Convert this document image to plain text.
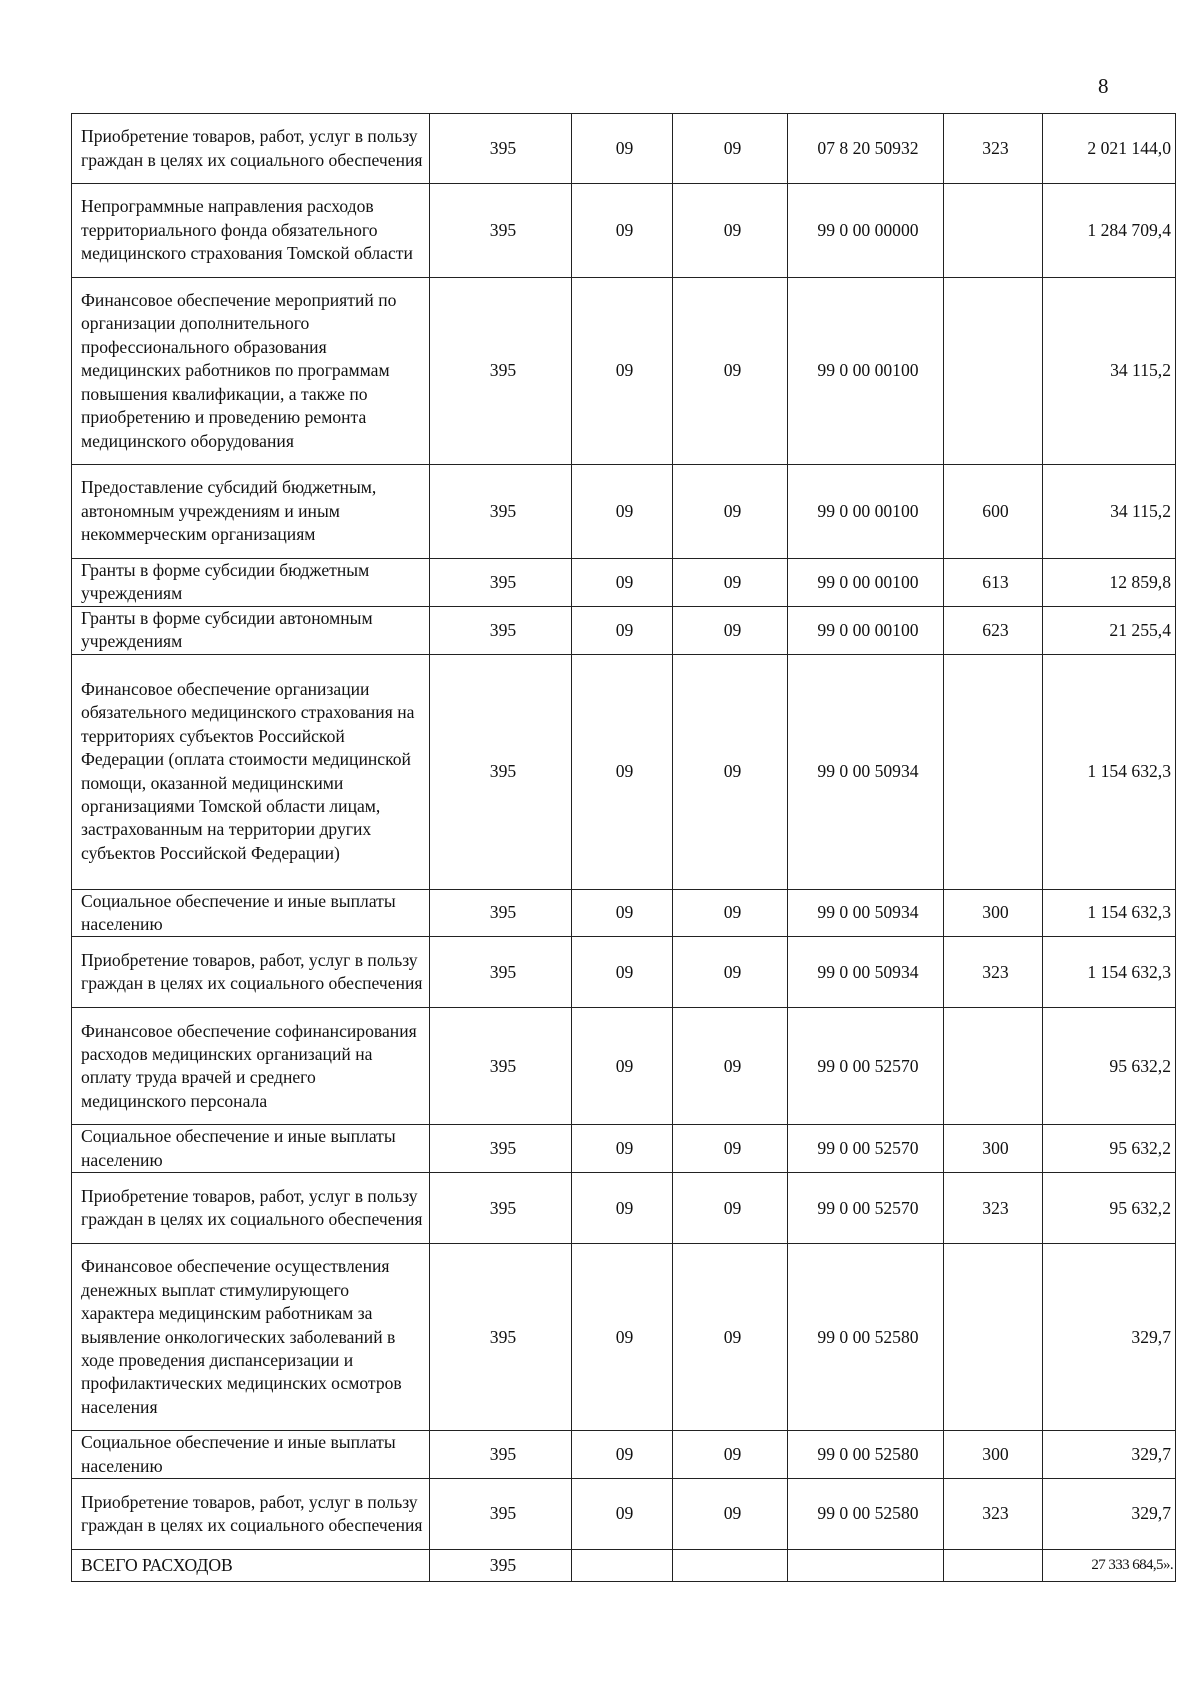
8
Приобретение товаров, работ, услуг в пользу граждан в целях их социального обеспечения	395	09	09	07 8 20 50932	323	2 021 144,0
Непрограммные направления расходов территориального фонда обязательного медицинского страхования Томской области	395	09	09	99 0 00 00000		1 284 709,4
Финансовое обеспечение мероприятий по организации дополнительного профессионального образования медицинских работников по программам повышения квалификации, а также по приобретению и проведению ремонта медицинского оборудования	395	09	09	99 0 00 00100		34 115,2
Предоставление субсидий бюджетным, автономным учреждениям и иным некоммерческим организациям	395	09	09	99 0 00 00100	600	34 115,2
Гранты в форме субсидии бюджетным учреждениям	395	09	09	99 0 00 00100	613	12 859,8
Гранты в форме субсидии автономным учреждениям	395	09	09	99 0 00 00100	623	21 255,4
Финансовое обеспечение организации обязательного медицинского страхования на территориях субъектов Российской Федерации (оплата стоимости медицинской помощи, оказанной медицинскими организациями Томской области лицам, застрахованным на территории других субъектов Российской Федерации)	395	09	09	99 0 00 50934		1 154 632,3
Социальное обеспечение и иные выплаты населению	395	09	09	99 0 00 50934	300	1 154 632,3
Приобретение товаров, работ, услуг в пользу граждан в целях их социального обеспечения	395	09	09	99 0 00 50934	323	1 154 632,3
Финансовое обеспечение софинансирования расходов медицинских организаций на оплату труда врачей и среднего медицинского персонала	395	09	09	99 0 00 52570		95 632,2
Социальное обеспечение и иные выплаты населению	395	09	09	99 0 00 52570	300	95 632,2
Приобретение товаров, работ, услуг в пользу граждан в целях их социального обеспечения	395	09	09	99 0 00 52570	323	95 632,2
Финансовое обеспечение осуществления денежных выплат стимулирующего характера медицинским работникам за выявление онкологических заболеваний в ходе проведения диспансеризации и профилактических медицинских осмотров населения	395	09	09	99 0 00 52580		329,7
Социальное обеспечение и иные выплаты населению	395	09	09	99 0 00 52580	300	329,7
Приобретение товаров, работ, услуг в пользу граждан в целях их социального обеспечения	395	09	09	99 0 00 52580	323	329,7
ВСЕГО РАСХОДОВ	395					27 333 684,5».
